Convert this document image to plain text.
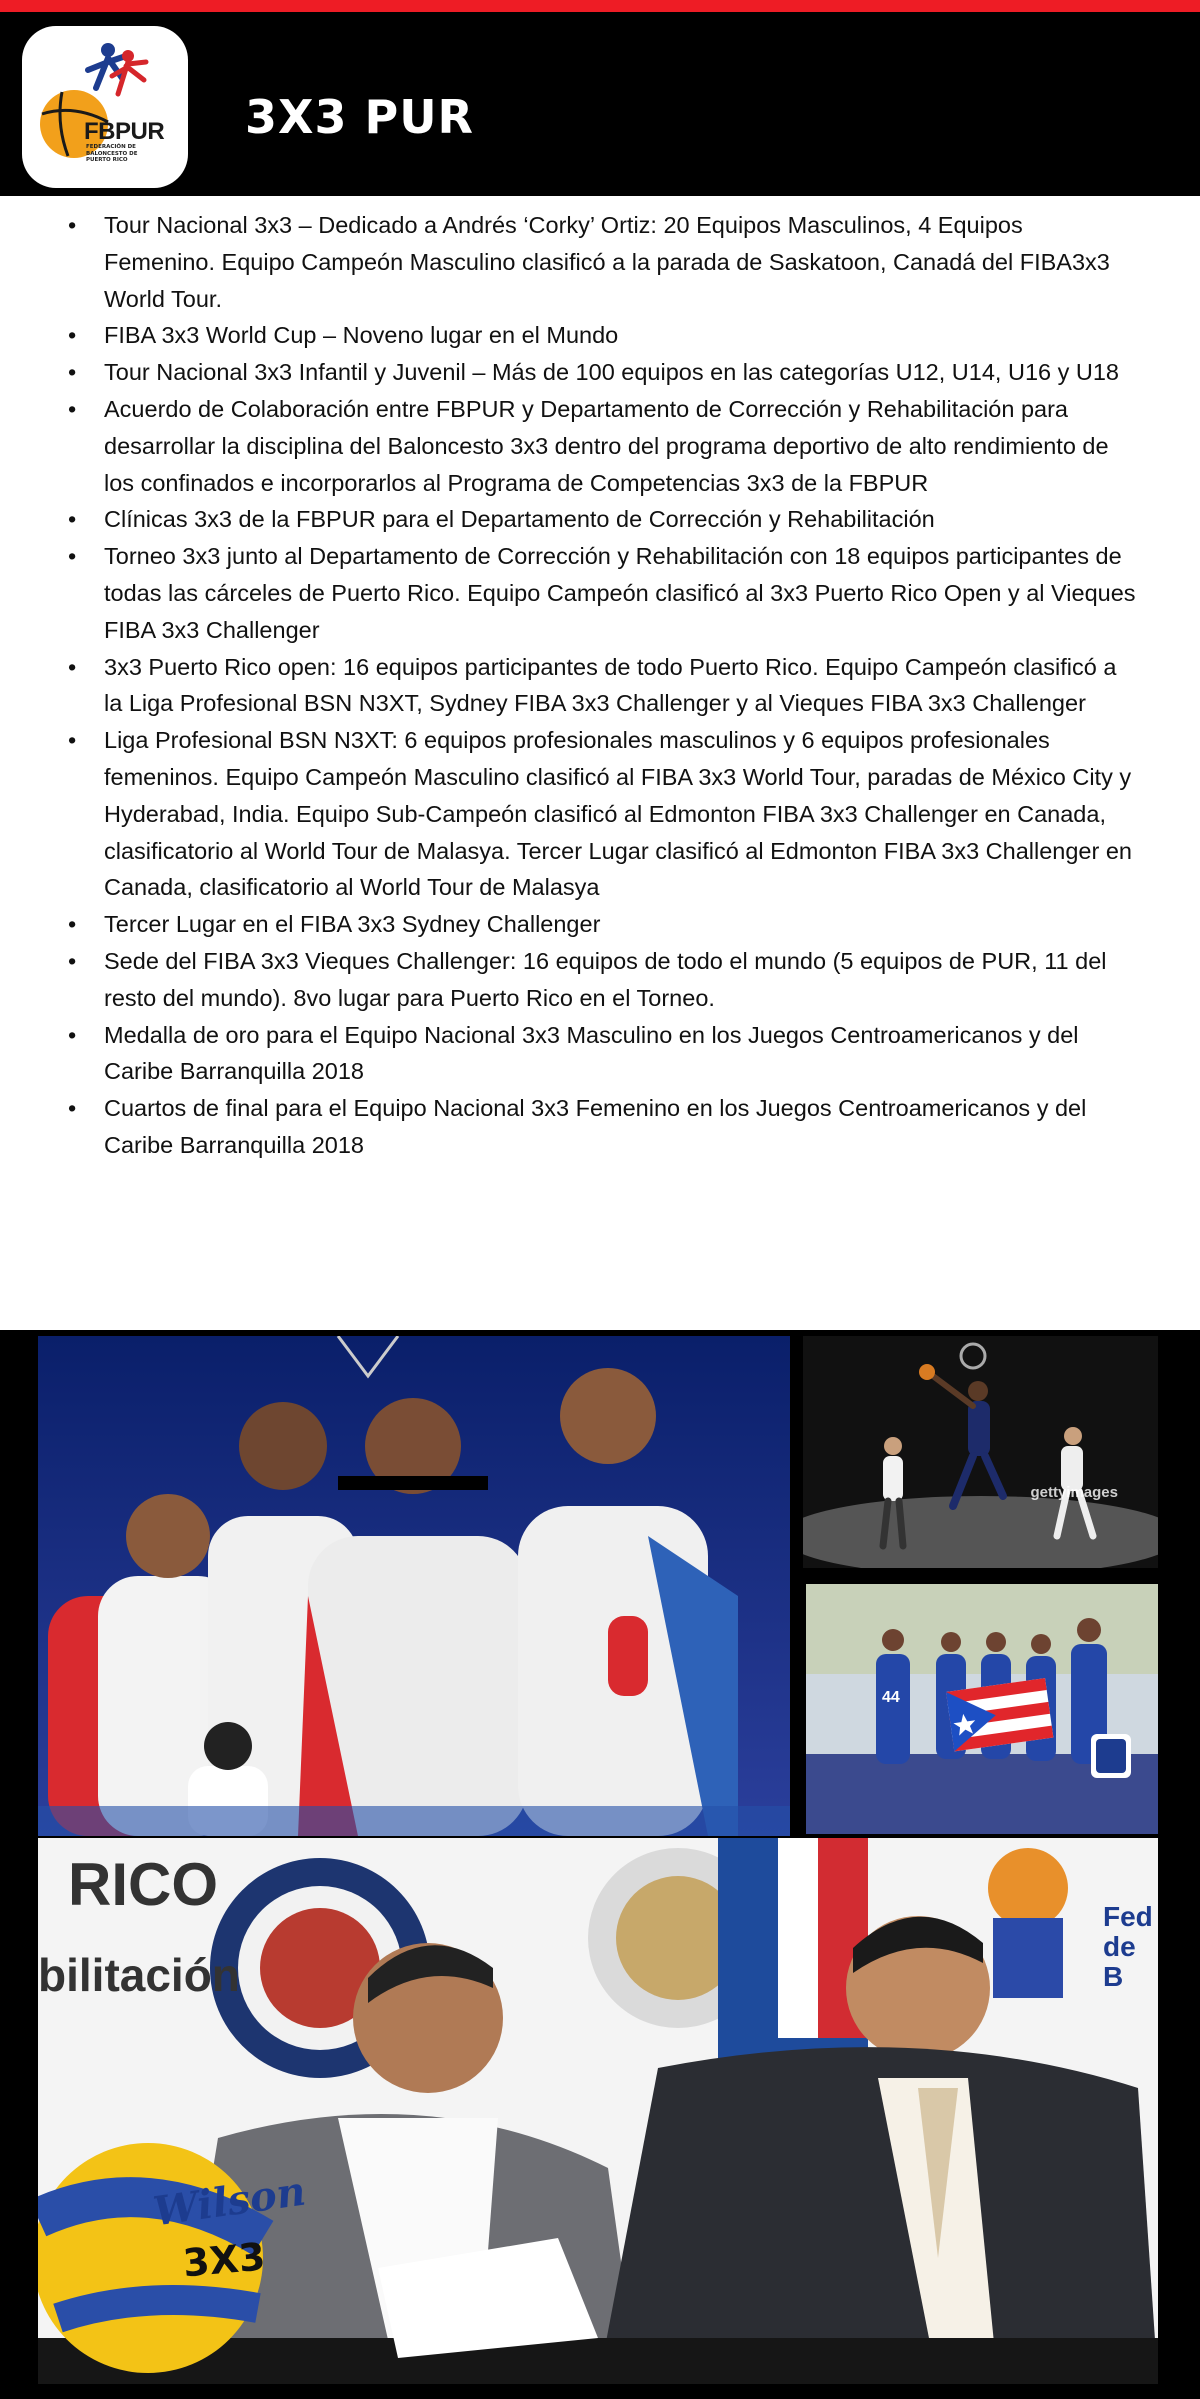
FBPUR
FEDERACIÓN DE BALONCESTO DE PUERTO RICO
3X3 PUR
•	Tour Nacional 3x3 – Dedicado a Andrés ‘Corky’ Ortiz: 20 Equipos Masculinos, 4 Equipos Femenino. Equipo Campeón Masculino clasificó a la parada de Saskatoon, Canadá del FIBA3x3 World Tour.
•	FIBA 3x3 World Cup – Noveno lugar en el Mundo
•	Tour Nacional 3x3 Infantil y Juvenil – Más de 100 equipos en las categorías U12, U14, U16 y U18
•	Acuerdo de Colaboración entre FBPUR y Departamento de Corrección y Rehabilitación para desarrollar la disciplina del Baloncesto 3x3 dentro del programa deportivo de alto rendimiento de los confinados e incorporarlos al Programa de Competencias 3x3 de la FBPUR
•	Clínicas 3x3 de la FBPUR para el Departamento de Corrección y Rehabilitación
•	Torneo 3x3 junto al Departamento de Corrección y Rehabilitación con 18 equipos participantes de todas las cárceles de Puerto Rico. Equipo Campeón clasificó al 3x3 Puerto Rico Open y al Vieques FIBA 3x3 Challenger
•	3x3 Puerto Rico open: 16 equipos participantes de todo Puerto Rico. Equipo Campeón clasificó a la Liga Profesional BSN N3XT, Sydney FIBA 3x3 Challenger y al Vieques FIBA 3x3 Challenger
•	Liga Profesional BSN N3XT: 6 equipos profesionales masculinos y 6 equipos profesionales femeninos. Equipo Campeón Masculino clasificó al FIBA 3x3 World Tour, paradas de México City y Hyderabad, India. Equipo Sub-Campeón clasificó al Edmonton FIBA 3x3 Challenger en Canada, clasificatorio al World Tour de Malasya. Tercer Lugar clasificó al Edmonton FIBA 3x3 Challenger en Canada, clasificatorio al World Tour de Malasya
•	Tercer Lugar en el FIBA 3x3 Sydney Challenger
•	Sede del FIBA 3x3 Vieques Challenger: 16 equipos de todo el mundo (5 equipos de PUR, 11 del resto del mundo). 8vo lugar para Puerto Rico en el Torneo.
•	Medalla de oro para el Equipo Nacional 3x3 Masculino en los Juegos Centroamericanos y del Caribe Barranquilla 2018
•	Cuartos de final para el Equipo Nacional 3x3 Femenino en los Juegos Centroamericanos y del Caribe Barranquilla 2018
gettyimages
44
RICO
bilitación
Fed
de B
Wilson
3X3
